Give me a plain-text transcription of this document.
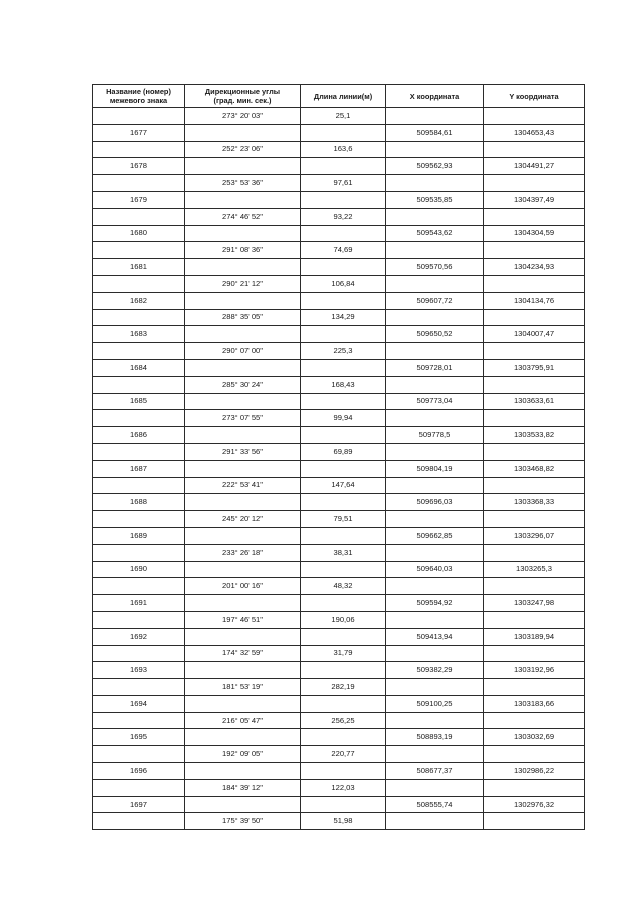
Название (номер)
межевого знака	Дирекционные углы
(град. мин. сек.)	Длина линии(м)	X координата	Y координата
	273° 20' 03"	25,1		
1677			509584,61	1304653,43
	252° 23' 06"	163,6		
1678			509562,93	1304491,27
	253° 53' 36"	97,61		
1679			509535,85	1304397,49
	274° 46' 52"	93,22		
1680			509543,62	1304304,59
	291° 08' 36"	74,69		
1681			509570,56	1304234,93
	290° 21' 12"	106,84		
1682			509607,72	1304134,76
	288° 35' 05"	134,29		
1683			509650,52	1304007,47
	290° 07' 00"	225,3		
1684			509728,01	1303795,91
	285° 30' 24"	168,43		
1685			509773,04	1303633,61
	273° 07' 55"	99,94		
1686			509778,5	1303533,82
	291° 33' 56"	69,89		
1687			509804,19	1303468,82
	222° 53' 41"	147,64		
1688			509696,03	1303368,33
	245° 20' 12"	79,51		
1689			509662,85	1303296,07
	233° 26' 18"	38,31		
1690			509640,03	1303265,3
	201° 00' 16"	48,32		
1691			509594,92	1303247,98
	197° 46' 51"	190,06		
1692			509413,94	1303189,94
	174° 32' 59"	31,79		
1693			509382,29	1303192,96
	181° 53' 19"	282,19		
1694			509100,25	1303183,66
	216° 05' 47"	256,25		
1695			508893,19	1303032,69
	192° 09' 05"	220,77		
1696			508677,37	1302986,22
	184° 39' 12"	122,03		
1697			508555,74	1302976,32
	175° 39' 50"	51,98		
